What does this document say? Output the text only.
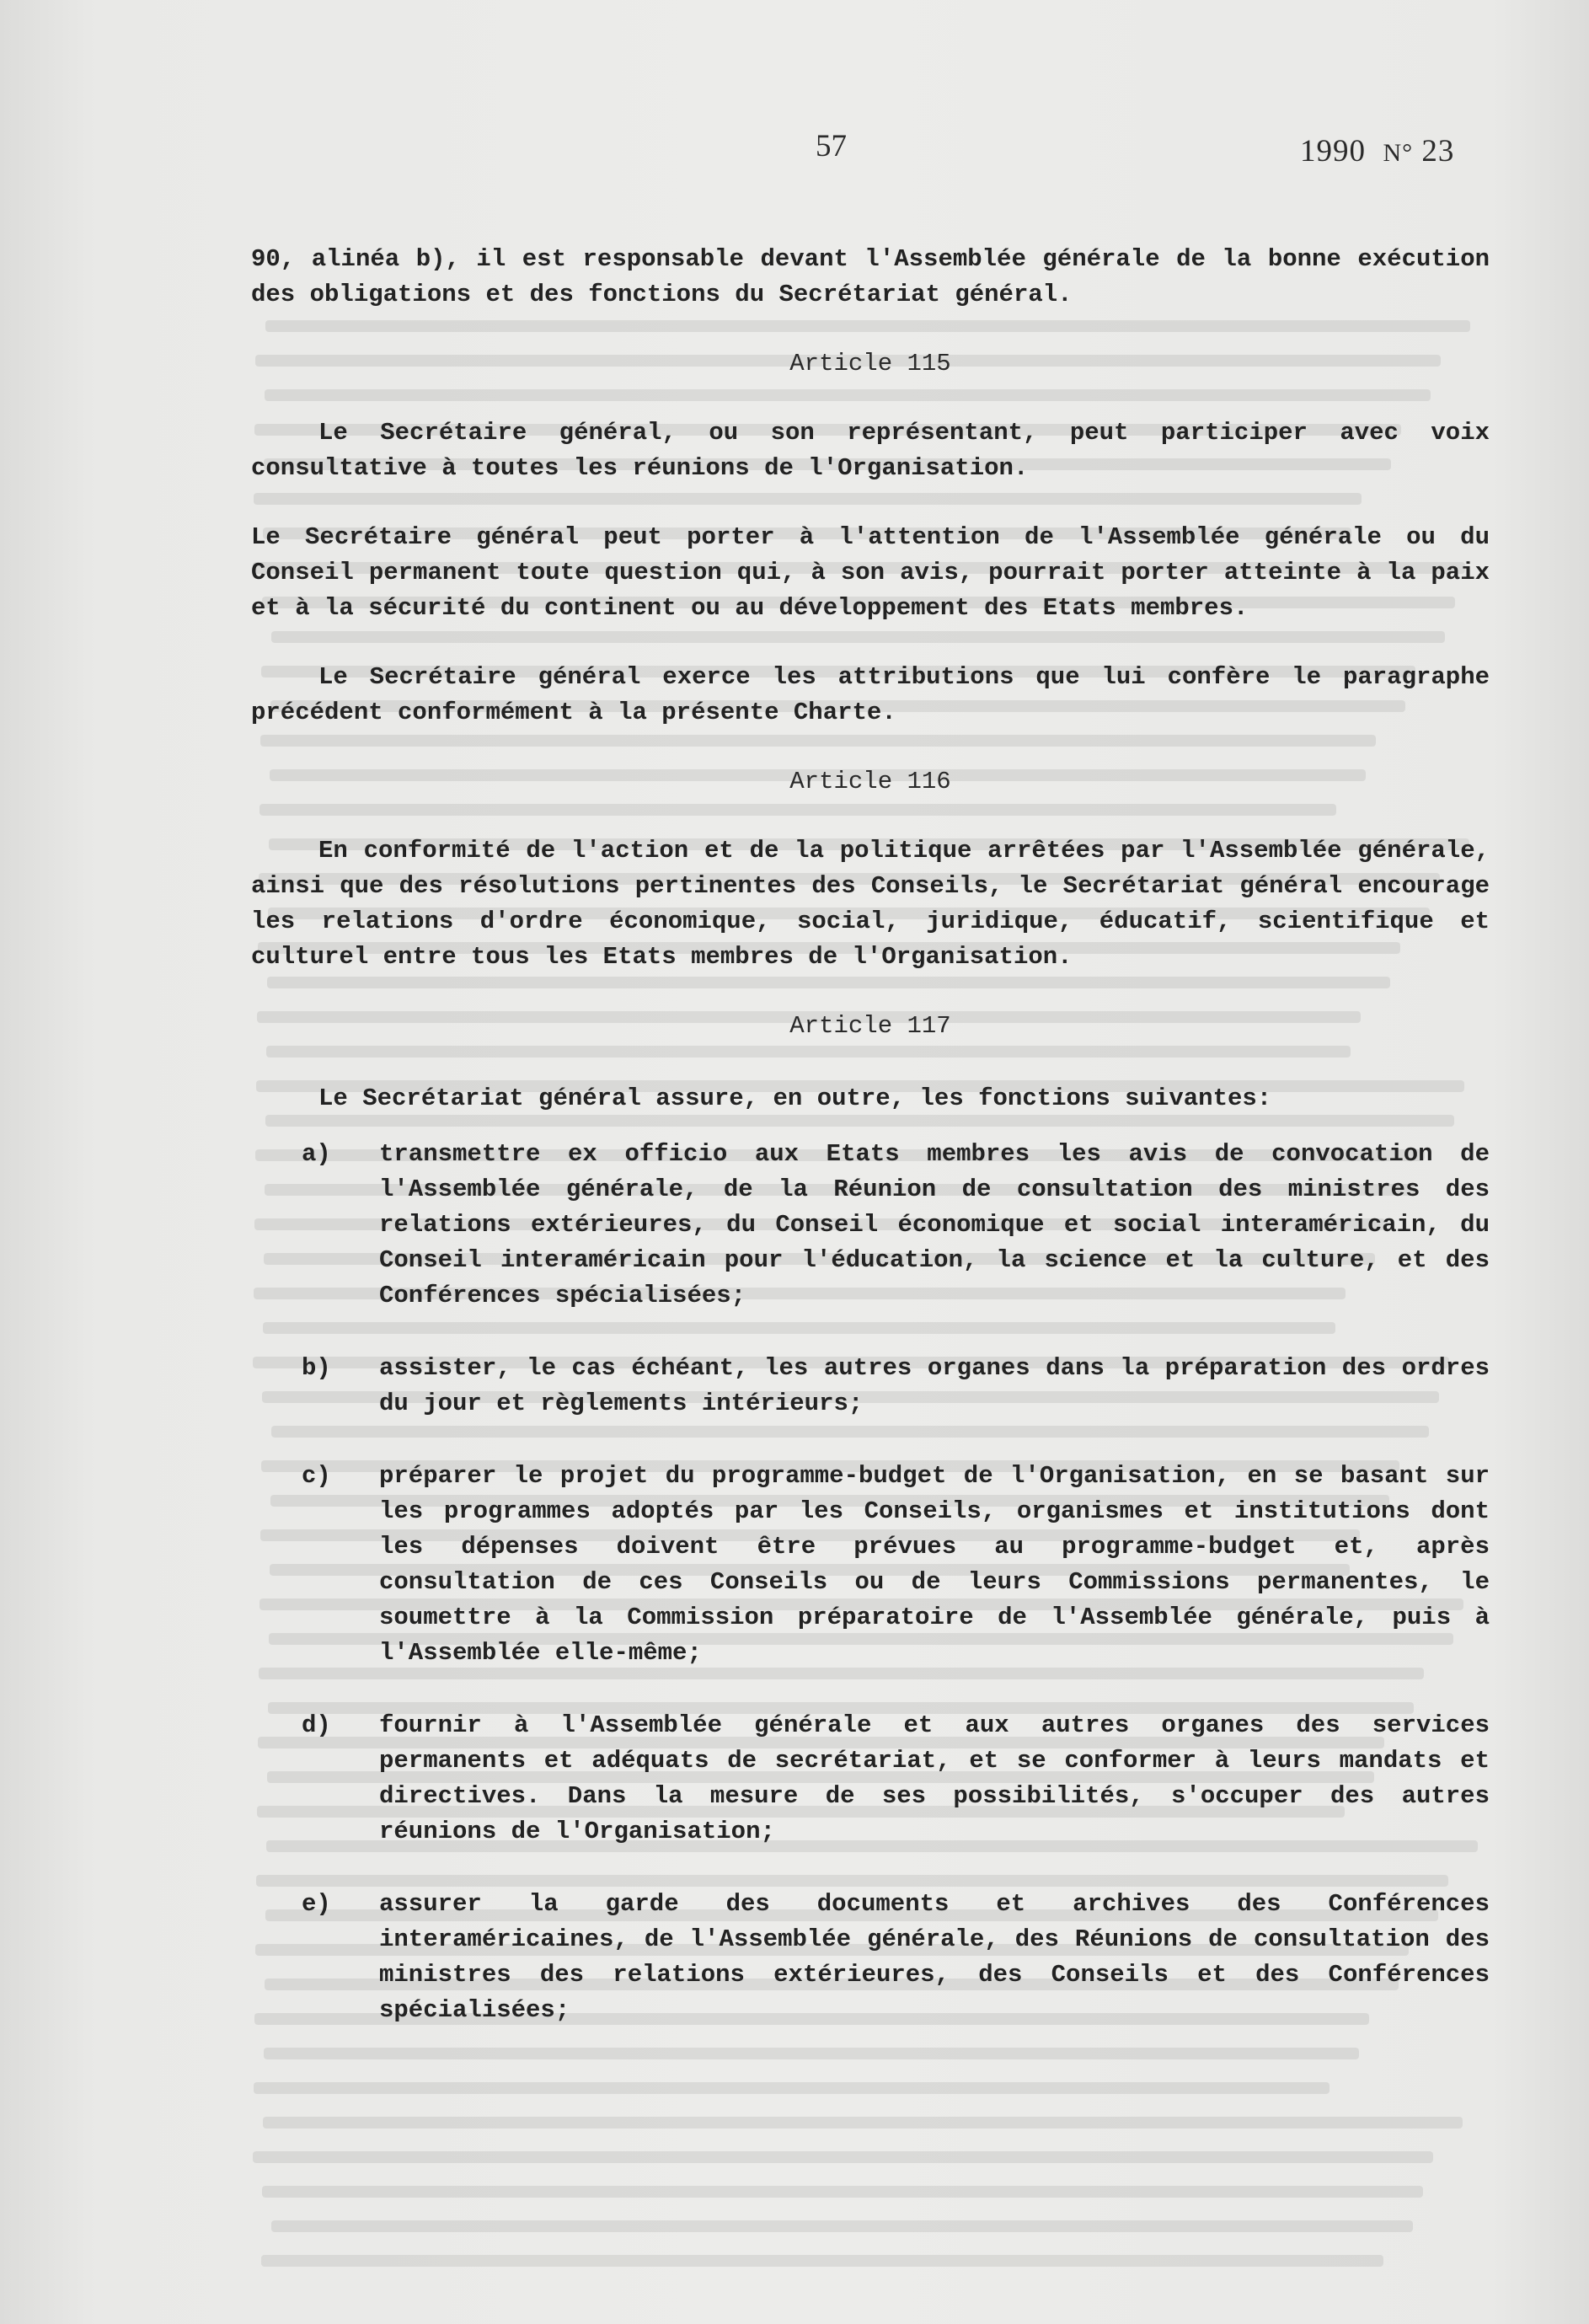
57	1990 N° 23

90, alinéa b), il est responsable devant l'Assemblée générale de la bonne exécution des obligations et des fonctions du Secrétariat général.

Article 115

Le Secrétaire général, ou son représentant, peut participer avec voix consultative à toutes les réunions de l'Organisation.

Le Secrétaire général peut porter à l'attention de l'Assemblée générale ou du Conseil permanent toute question qui, à son avis, pourrait porter atteinte à la paix et à la sécurité du continent ou au développement des Etats membres.

Le Secrétaire général exerce les attributions que lui confère le paragraphe précédent conformément à la présente Charte.

Article 116

En conformité de l'action et de la politique arrêtées par l'Assemblée générale, ainsi que des résolutions pertinentes des Conseils, le Secrétariat général encourage les relations d'ordre économique, social, juridique, éducatif, scientifique et culturel entre tous les Etats membres de l'Organisation.

Article 117

Le Secrétariat général assure, en outre, les fonctions suivantes:

a)	transmettre ex officio aux Etats membres les avis de convocation de l'Assemblée générale, de la Réunion de consultation des ministres des relations extérieures, du Conseil économique et social interaméricain, du Conseil interaméricain pour l'éducation, la science et la culture, et des Conférences spécialisées;
b)	assister, le cas échéant, les autres organes dans la préparation des ordres du jour et règlements intérieurs;
c)	préparer le projet du programme-budget de l'Organisation, en se basant sur les programmes adoptés par les Conseils, organismes et institutions dont les dépenses doivent être prévues au programme-budget et, après consultation de ces Conseils ou de leurs Commissions permanentes, le soumettre à la Commission préparatoire de l'Assemblée générale, puis à l'Assemblée elle-même;
d)	fournir à l'Assemblée générale et aux autres organes des services permanents et adéquats de secrétariat, et se conformer à leurs mandats et directives. Dans la mesure de ses possibilités, s'occuper des autres réunions de l'Organisation;
e)	assurer la garde des documents et archives des Conférences interaméricaines, de l'Assemblée générale, des Réunions de consultation des ministres des relations extérieures, des Conseils et des Conférences spécialisées;
